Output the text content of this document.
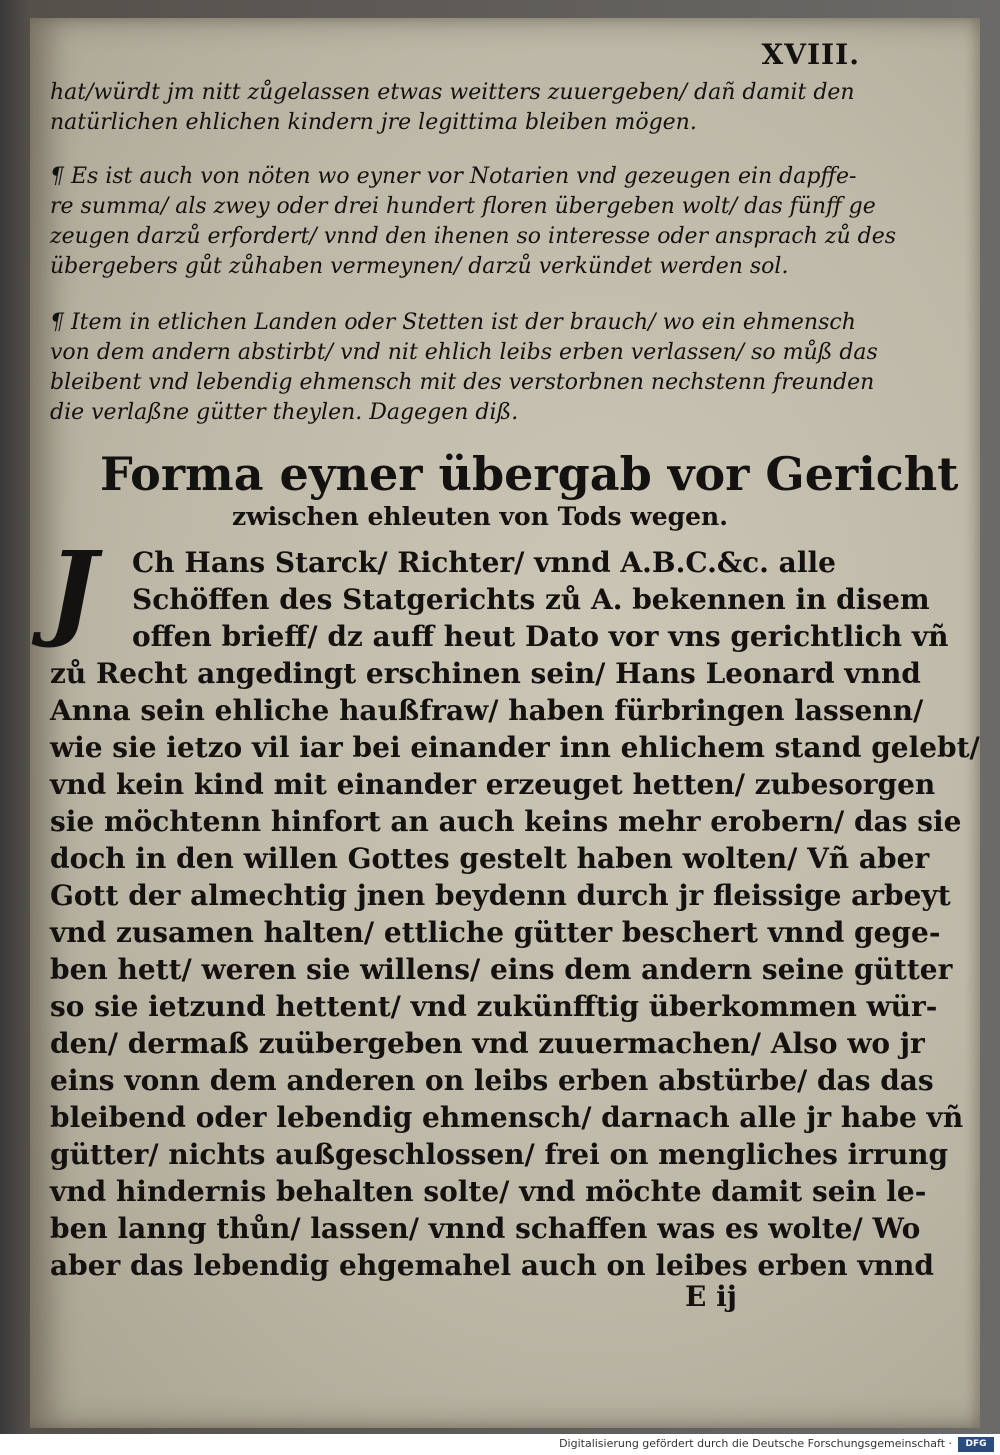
XVIII.
hat/würdt jm nitt zůgelassen etwas weitters zuuergeben/ dañ damit den
natürlichen ehlichen kindern jre legittima bleiben mögen.
¶ Es ist auch von nöten wo eyner vor Notarien vnd gezeugen ein dapffe-
re summa/ als zwey oder drei hundert floren übergeben wolt/ das fünff ge
zeugen darzů erfordert/ vnnd den ihenen so interesse oder ansprach zů des
übergebers gůt zůhaben vermeynen/ darzů verkündet werden sol.
¶ Item in etlichen Landen oder Stetten ist der brauch/ wo ein ehmensch
von dem andern abstirbt/ vnd nit ehlich leibs erben verlassen/ so můß das
bleibent vnd lebendig ehmensch mit des verstorbnen nechstenn freunden
die verlaßne gütter theylen. Dagegen diß.
Forma eyner übergab vor Gericht
zwischen ehleuten von Tods wegen.
J	Ch Hans Starck/ Richter/ vnnd A.B.C.&c. alle
Schöffen des Statgerichts zů A. bekennen in disem
offen brieff/ dz auff heut Dato vor vns gerichtlich vñ
zů Recht angedingt erschinen sein/ Hans Leonard vnnd
Anna sein ehliche haußfraw/ haben fürbringen lassenn/
wie sie ietzo vil iar bei einander inn ehlichem stand gelebt/
vnd kein kind mit einander erzeuget hetten/ zubesorgen
sie möchtenn hinfort an auch keins mehr erobern/ das sie
doch in den willen Gottes gestelt haben wolten/ Vñ aber
Gott der almechtig jnen beydenn durch jr fleissige arbeyt
vnd zusamen halten/ ettliche gütter beschert vnnd gege-
ben hett/ weren sie willens/ eins dem andern seine gütter
so sie ietzund hettent/ vnd zukünfftig überkommen wür-
den/ dermaß zuübergeben vnd zuuermachen/ Also wo jr
eins vonn dem anderen on leibs erben abstürbe/ das das
bleibend oder lebendig ehmensch/ darnach alle jr habe vñ
gütter/ nichts außgeschlossen/ frei on mengliches irrung
vnd hindernis behalten solte/ vnd möchte damit sein le-
ben lanng thůn/ lassen/ vnnd schaffen was es wolte/ Wo
aber das lebendig ehgemahel auch on leibes erben vnnd
E ij
Digitalisierung gefördert durch die Deutsche Forschungsgemeinschaft ·	DFG
